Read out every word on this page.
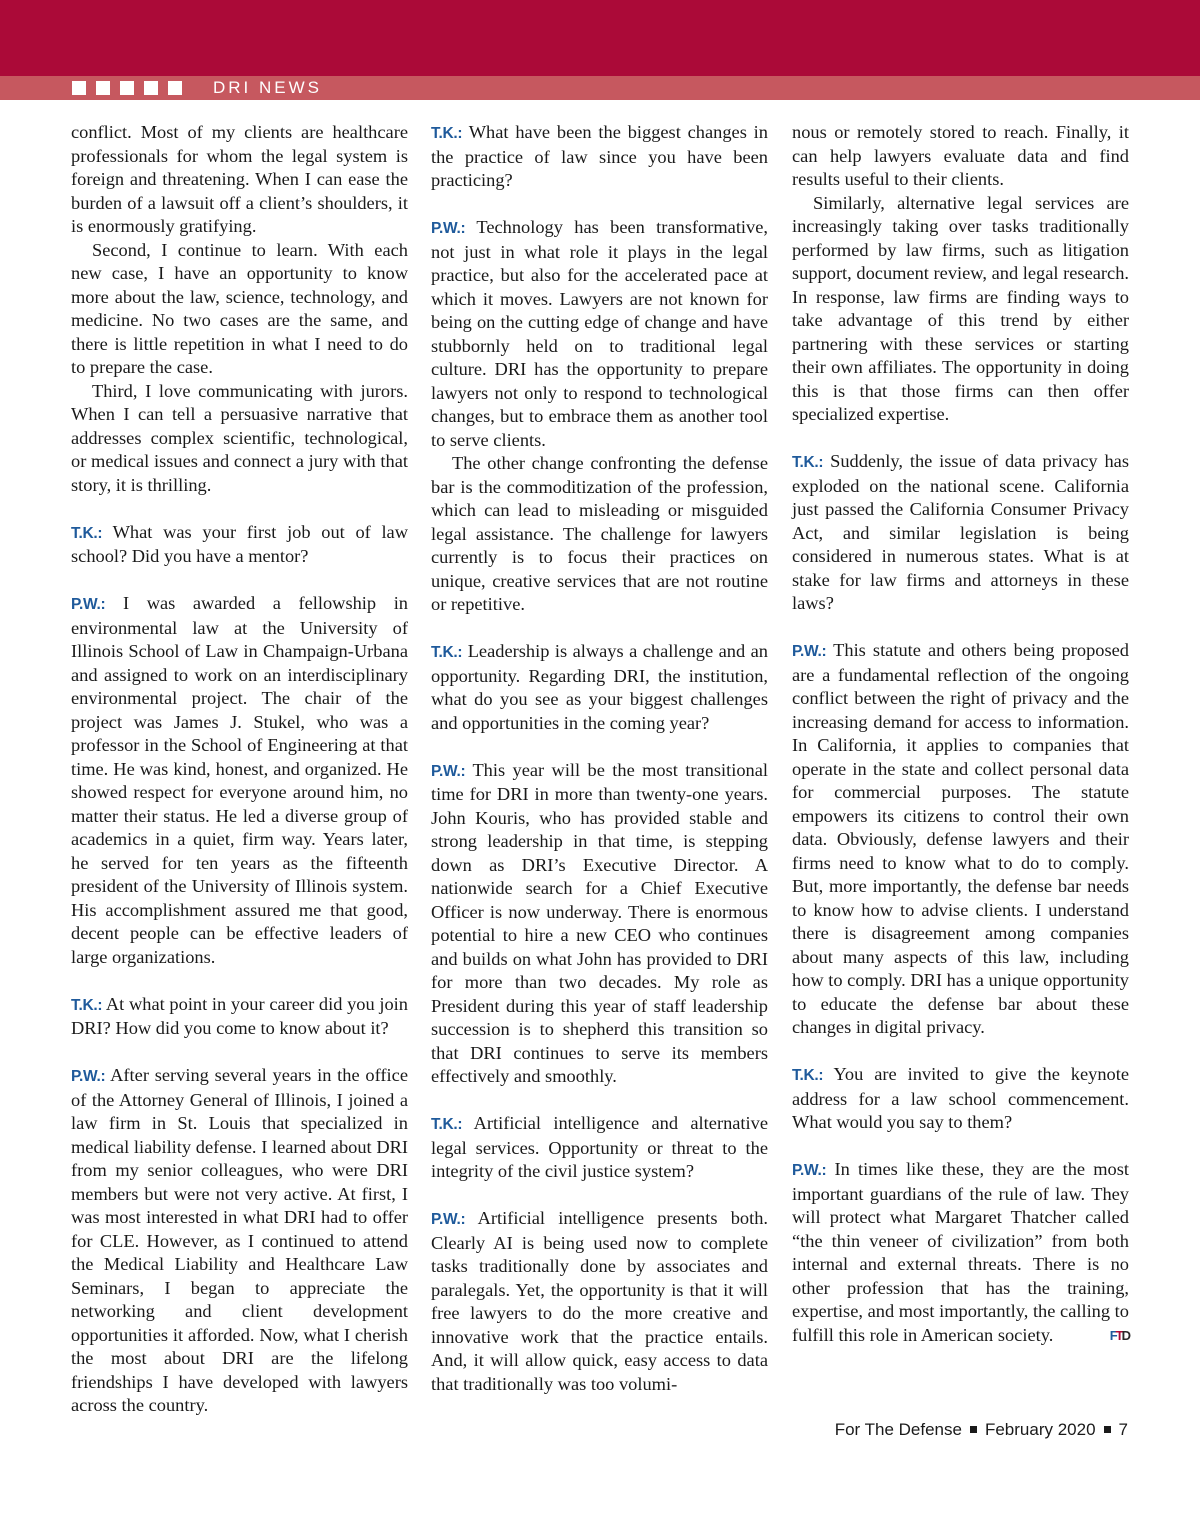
DRI NEWS

conflict. Most of my clients are healthcare professionals for whom the legal system is foreign and threatening. When I can ease the burden of a lawsuit off a client’s shoulders, it is enormously gratifying.

Second, I continue to learn. With each new case, I have an opportunity to know more about the law, science, technology, and medicine. No two cases are the same, and there is little repetition in what I need to do to prepare the case.

Third, I love communicating with jurors. When I can tell a persuasive narrative that addresses complex scientific, technological, or medical issues and connect a jury with that story, it is thrilling.

T.K.: What was your first job out of law school? Did you have a mentor?

P.W.: I was awarded a fellowship in environmental law at the University of Illinois School of Law in Champaign-Urbana and assigned to work on an interdisciplinary environmental project. The chair of the project was James J. Stukel, who was a professor in the School of Engineering at that time. He was kind, honest, and organized. He showed respect for everyone around him, no matter their status. He led a diverse group of academics in a quiet, firm way. Years later, he served for ten years as the fifteenth president of the University of Illinois system. His accomplishment assured me that good, decent people can be effective leaders of large organizations.

T.K.: At what point in your career did you join DRI? How did you come to know about it?

P.W.: After serving several years in the office of the Attorney General of Illinois, I joined a law firm in St. Louis that specialized in medical liability defense. I learned about DRI from my senior colleagues, who were DRI members but were not very active. At first, I was most interested in what DRI had to offer for CLE. However, as I continued to attend the Medical Liability and Healthcare Law Seminars, I began to appreciate the networking and client development opportunities it afforded. Now, what I cherish the most about DRI are the lifelong friendships I have developed with lawyers across the country.

T.K.: What have been the biggest changes in the practice of law since you have been practicing?

P.W.: Technology has been transformative, not just in what role it plays in the legal practice, but also for the accelerated pace at which it moves. Lawyers are not known for being on the cutting edge of change and have stubbornly held on to traditional legal culture. DRI has the opportunity to prepare lawyers not only to respond to technological changes, but to embrace them as another tool to serve clients.

The other change confronting the defense bar is the commoditization of the profession, which can lead to misleading or misguided legal assistance. The challenge for lawyers currently is to focus their practices on unique, creative services that are not routine or repetitive.

T.K.: Leadership is always a challenge and an opportunity. Regarding DRI, the institution, what do you see as your biggest challenges and opportunities in the coming year?

P.W.: This year will be the most transitional time for DRI in more than twenty-one years. John Kouris, who has provided stable and strong leadership in that time, is stepping down as DRI’s Executive Director. A nationwide search for a Chief Executive Officer is now underway. There is enormous potential to hire a new CEO who continues and builds on what John has provided to DRI for more than two decades. My role as President during this year of staff leadership succession is to shepherd this transition so that DRI continues to serve its members effectively and smoothly.

T.K.: Artificial intelligence and alternative legal services. Opportunity or threat to the integrity of the civil justice system?

P.W.: Artificial intelligence presents both. Clearly AI is being used now to complete tasks traditionally done by associates and paralegals. Yet, the opportunity is that it will free lawyers to do the more creative and innovative work that the practice entails. And, it will allow quick, easy access to data that traditionally was too volumi-

nous or remotely stored to reach. Finally, it can help lawyers evaluate data and find results useful to their clients.

Similarly, alternative legal services are increasingly taking over tasks traditionally performed by law firms, such as litigation support, document review, and legal research. In response, law firms are finding ways to take advantage of this trend by either partnering with these services or starting their own affiliates. The opportunity in doing this is that those firms can then offer specialized expertise.

T.K.: Suddenly, the issue of data privacy has exploded on the national scene. California just passed the California Consumer Privacy Act, and similar legislation is being considered in numerous states. What is at stake for law firms and attorneys in these laws?

P.W.: This statute and others being proposed are a fundamental reflection of the ongoing conflict between the right of privacy and the increasing demand for access to information. In California, it applies to companies that operate in the state and collect personal data for commercial purposes. The statute empowers its citizens to control their own data. Obviously, defense lawyers and their firms need to know what to do to comply. But, more importantly, the defense bar needs to know how to advise clients. I understand there is disagreement among companies about many aspects of this law, including how to comply. DRI has a unique opportunity to educate the defense bar about these changes in digital privacy.

T.K.: You are invited to give the keynote address for a law school commencement. What would you say to them?

P.W.: In times like these, they are the most important guardians of the rule of law. They will protect what Margaret Thatcher called “the thin veneer of civilization” from both internal and external threats. There is no other profession that has the training, expertise, and most importantly, the calling to fulfill this role in American society.	FTD

For The Defense February 2020 7
